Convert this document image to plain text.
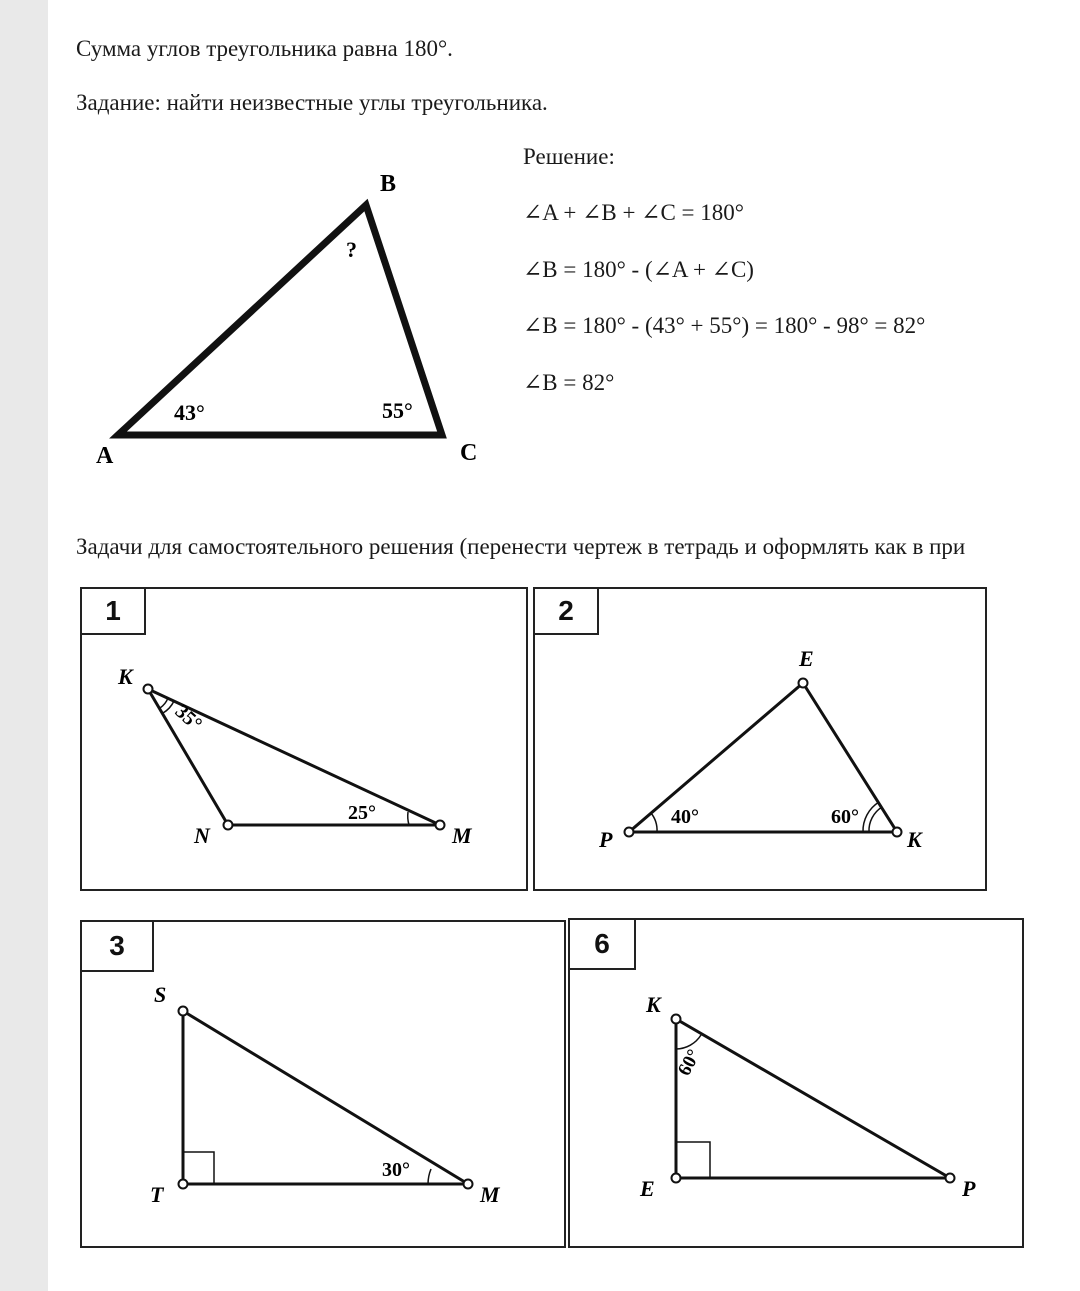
Сумма углов треугольника равна 180°.
Задание: найти неизвестные углы треугольника.
B
A	C
43°	55°
?
Решение:
∠A + ∠B + ∠C = 180°
∠B = 180° - (∠A + ∠C)
∠B = 180° - (43° + 55°) = 180° - 98° = 82°
∠B = 82°
Задачи для самостоятельного решения (перенести чертеж в тетрадь и оформлять как в при
1
K
N	M
35°
25°
2
E
P	K
40°	60°
3
S
T	M
30°
6
K
E	P
60°
